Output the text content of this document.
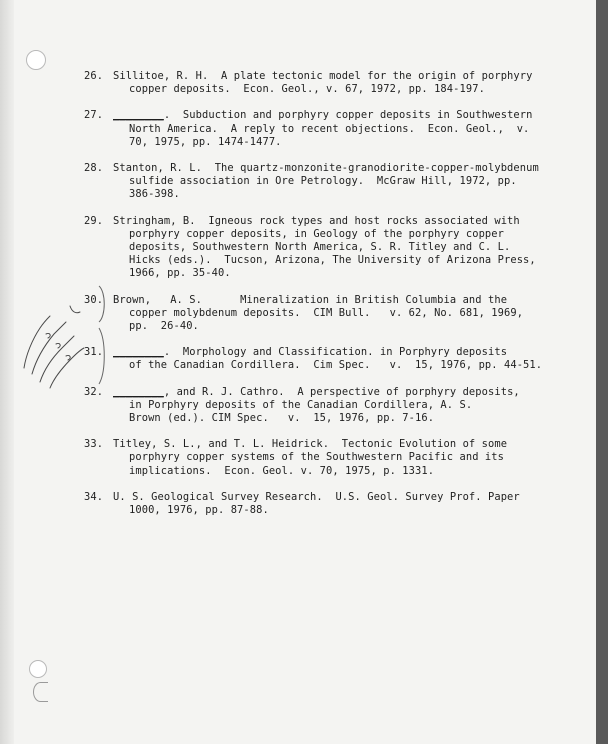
26. Sillitoe, R. H.  A plate tectonic model for the origin of porphyry
copper deposits.  Econ. Geol., v. 67, 1972, pp. 184-197.
27. ________.  Subduction and porphyry copper deposits in Southwestern
North America.  A reply to recent objections.  Econ. Geol.,  v.
70, 1975, pp. 1474-1477.
28. Stanton, R. L.  The quartz-monzonite-granodiorite-copper-molybdenum
sulfide association in Ore Petrology.  McGraw Hill, 1972, pp.
386-398.
29. Stringham, B.  Igneous rock types and host rocks associated with
porphyry copper deposits, in Geology of the porphyry copper
deposits, Southwestern North America, S. R. Titley and C. L.
Hicks (eds.).  Tucson, Arizona, The University of Arizona Press,
1966, pp. 35-40.
30. Brown,   A. S.      Mineralization in British Columbia and the
copper molybdenum deposits.  CIM Bull.   v. 62, No. 681, 1969,
pp.  26-40.
31. ________.  Morphology and Classification. in Porphyry deposits
of the Canadian Cordillera.  Cim Spec.   v.  15, 1976, pp. 44-51.
32. ________, and R. J. Cathro.  A perspective of porphyry deposits,
in Porphyry deposits of the Canadian Cordillera, A. S.
Brown (ed.). CIM Spec.   v.  15, 1976, pp. 7-16.
33. Titley, S. L., and T. L. Heidrick.  Tectonic Evolution of some
porphyry copper systems of the Southwestern Pacific and its
implications.  Econ. Geol. v. 70, 1975, p. 1331.
34. U. S. Geological Survey Research.  U.S. Geol. Survey Prof. Paper
1000, 1976, pp. 87-88.
